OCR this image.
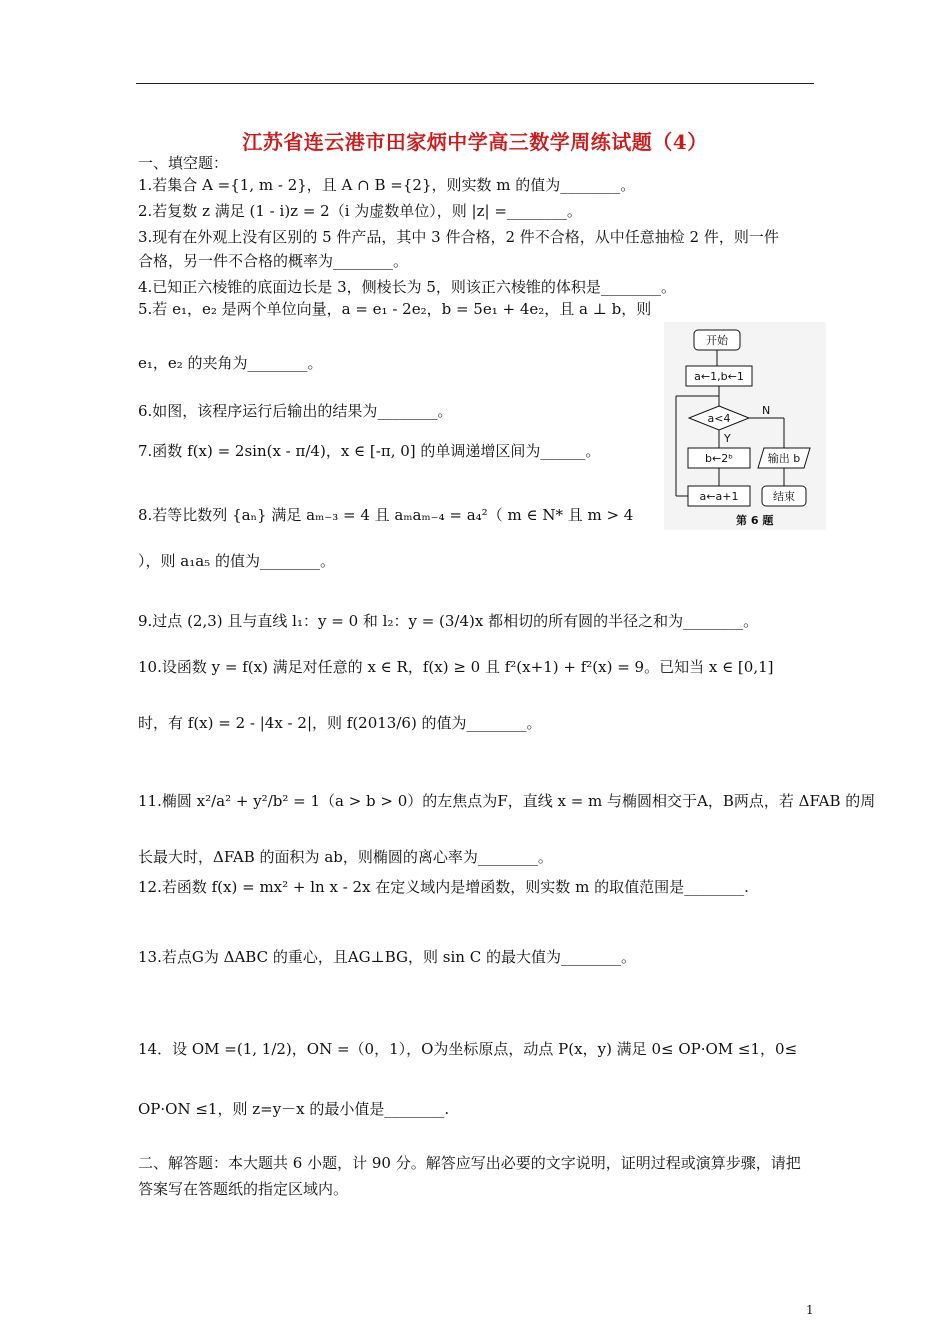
江苏省连云港市田家炳中学高三数学周练试题（4）
一、填空题：
1.若集合 A ={1, m - 2}，且 A ∩ B ={2}，则实数 m 的值为________。
2.若复数 z 满足 (1 - i)z = 2（i 为虚数单位），则 |z| =________。
3.现有在外观上没有区别的 5 件产品，其中 3 件合格，2 件不合格，从中任意抽检 2 件，则一件
合格，另一件不合格的概率为________。
4.已知正六棱锥的底面边长是 3，侧棱长为 5，则该正六棱锥的体积是________。
5.若 e₁，e₂ 是两个单位向量，a = e₁ - 2e₂，b = 5e₁ + 4e₂，且 a ⊥ b，则
e₁，e₂ 的夹角为________。
6.如图，该程序运行后输出的结果为________。
7.函数 f(x) = 2sin(x - π/4)，x ∈ [-π, 0] 的单调递增区间为______。
8.若等比数列 {aₙ} 满足 aₘ₋₃ = 4 且 aₘaₘ₋₄ = a₄²（ m ∈ N* 且 m > 4
），则 a₁a₅ 的值为________。
9.过点 (2,3) 且与直线 l₁：y = 0 和 l₂：y = (3/4)x 都相切的所有圆的半径之和为________。
10.设函数 y = f(x) 满足对任意的 x ∈ R，f(x) ≥ 0 且 f²(x+1) + f²(x) = 9。已知当 x ∈ [0,1]
时，有 f(x) = 2 - |4x - 2|，则 f(2013/6) 的值为________。
11.椭圆 x²/a² + y²/b² = 1（a > b > 0）的左焦点为F，直线 x = m 与椭圆相交于A，B两点，若 ΔFAB 的周
长最大时，ΔFAB 的面积为 ab，则椭圆的离心率为________。
12.若函数 f(x) = mx² + ln x - 2x 在定义域内是增函数，则实数 m 的取值范围是________.
13.若点G为 ΔABC 的重心，且AG⊥BG，则 sin C 的最大值为________。
14．设 OM =(1, 1/2)，ON =（0，1），O为坐标原点，动点 P(x，y) 满足 0≤ OP·OM ≤1，0≤
OP·ON ≤1，则 z=y－x 的最小值是________.
二、解答题：本大题共 6 小题，计 90 分。解答应写出必要的文字说明，证明过程或演算步骤，请把答案写在答题纸的指定区域内。
开始
a←1,b←1
a<4
Y
N
b←2ᵇ	输出 b
a←a+1	结束
第 6 题
1
